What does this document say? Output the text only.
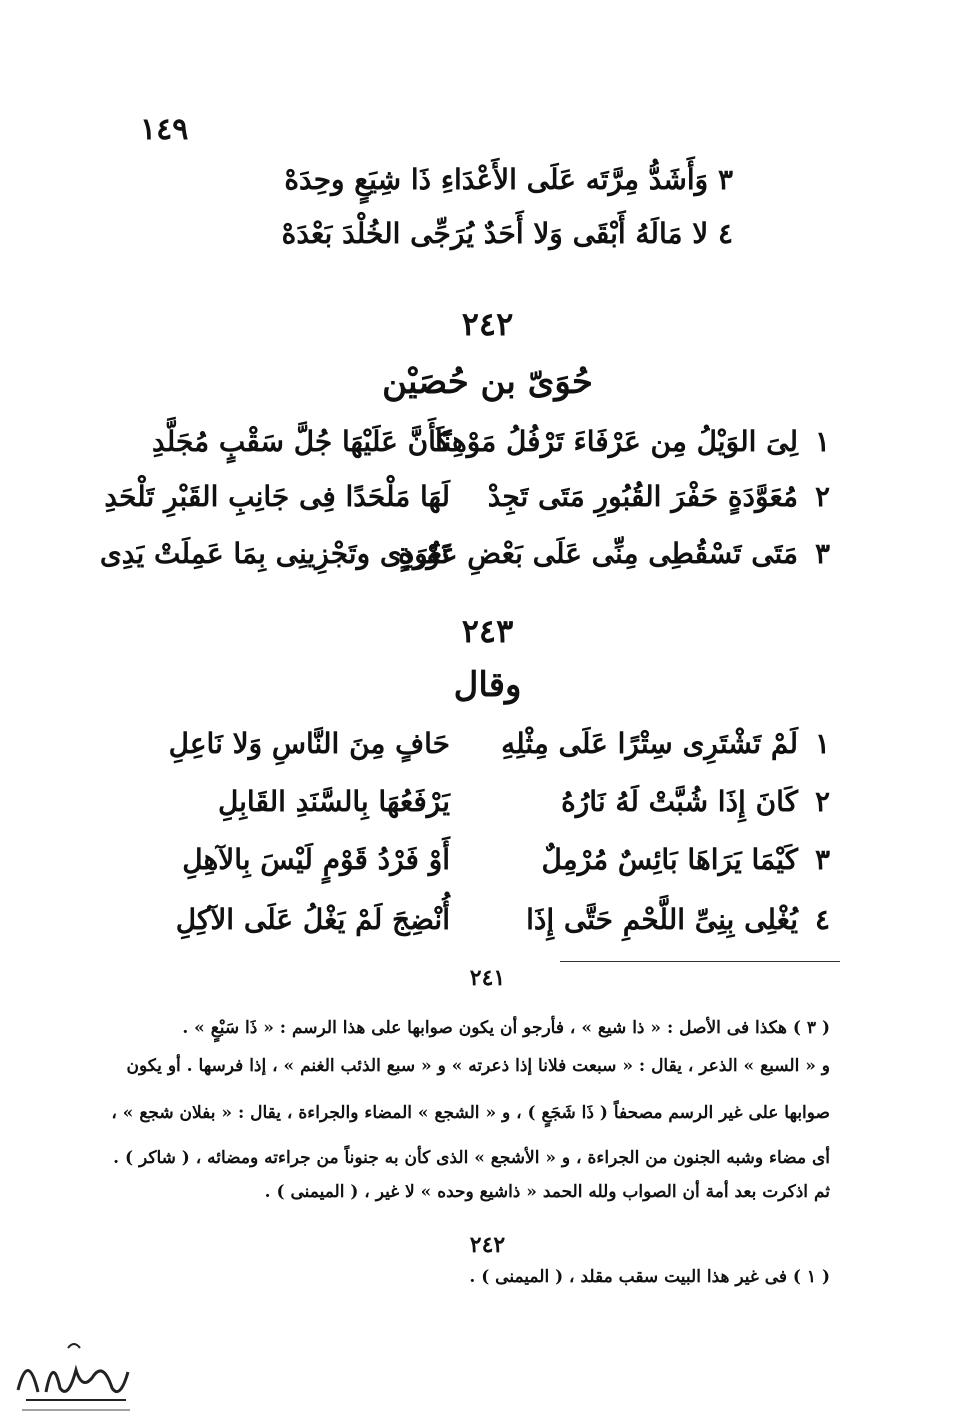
١٤٩
٣ وَأَشَدُّ مِرَّتَه عَلَى الأَعْدَاءِ ذَا شِيَعٍ وحِدَهْ
٤ لا مَالَهُ أَبْقَى وَلا أَحَدٌ يُرَجِّى الخُلْدَ بَعْدَهْ
٢٤٢
حُوَىّ بن حُصَيْن
١
لِىَ الوَيْلُ مِن عَرْفَاءَ تَرْفُلُ مَوْهِنًا
كَأَنَّ عَلَيْهَا جُلَّ سَقْبٍ مُجَلَّدِ
٢
مُعَوَّدَةٍ حَفْرَ القُبُورِ مَتَى تَجِدْ
لَهَا مَلْحَدًا فِى جَانِبِ القَبْرِ تَلْحَدِ
٣
مَتَى تَسْقُطِى مِنِّى عَلَى بَعْضِ عَوْرَةٍ
تَعُودِى وتَجْزِينِى بِمَا عَمِلَتْ يَدِى
٢٤٣
وقال
١
لَمْ تَشْتَرِى سِتْرًا عَلَى مِثْلِهِ
حَافٍ مِنَ النَّاسِ وَلا نَاعِلِ
٢
كَانَ إِذَا شُبَّتْ لَهُ نَارُهُ
يَرْفَعُهَا بِالسَّنَدِ القَابِلِ
٣
كَيْمَا يَرَاهَا بَائِسٌ مُرْمِلٌ
أَوْ فَرْدُ قَوْمٍ لَيْسَ بِالآهِلِ
٤
يُغْلِى بِنِىِّ اللَّحْمِ حَتَّى إِذَا
أُنْضِجَ لَمْ يَغْلُ عَلَى الآكِلِ
٢٤١
( ٣ ) هكذا فى الأصل : « ذا شيع » ، فأرجو أن يكون صوابها على هذا الرسم : « ذَا سَبْعٍ » .
و « السبع » الذعر ، يقال : « سبعت فلانا إذا ذعرته » و « سبع الذئب الغنم » ، إذا فرسها . أو يكون
صوابها على غير الرسم مصحفاً ( ذَا شَجَعٍ ) ، و « الشجع » المضاء والجراءة ، يقال : « بفلان شجع » ،
أى مضاء وشبه الجنون من الجراءة ، و « الأشجع » الذى كأن به جنوناً من جراءته ومضائه ، ( شاكر ) .
ثم اذكرت بعد أمة أن الصواب ولله الحمد « ذاشيع وحده » لا غير ، ( الميمنى ) .
٢٤٢
( ١ ) فى غير هذا البيت سقب مقلد ، ( الميمنى ) .
